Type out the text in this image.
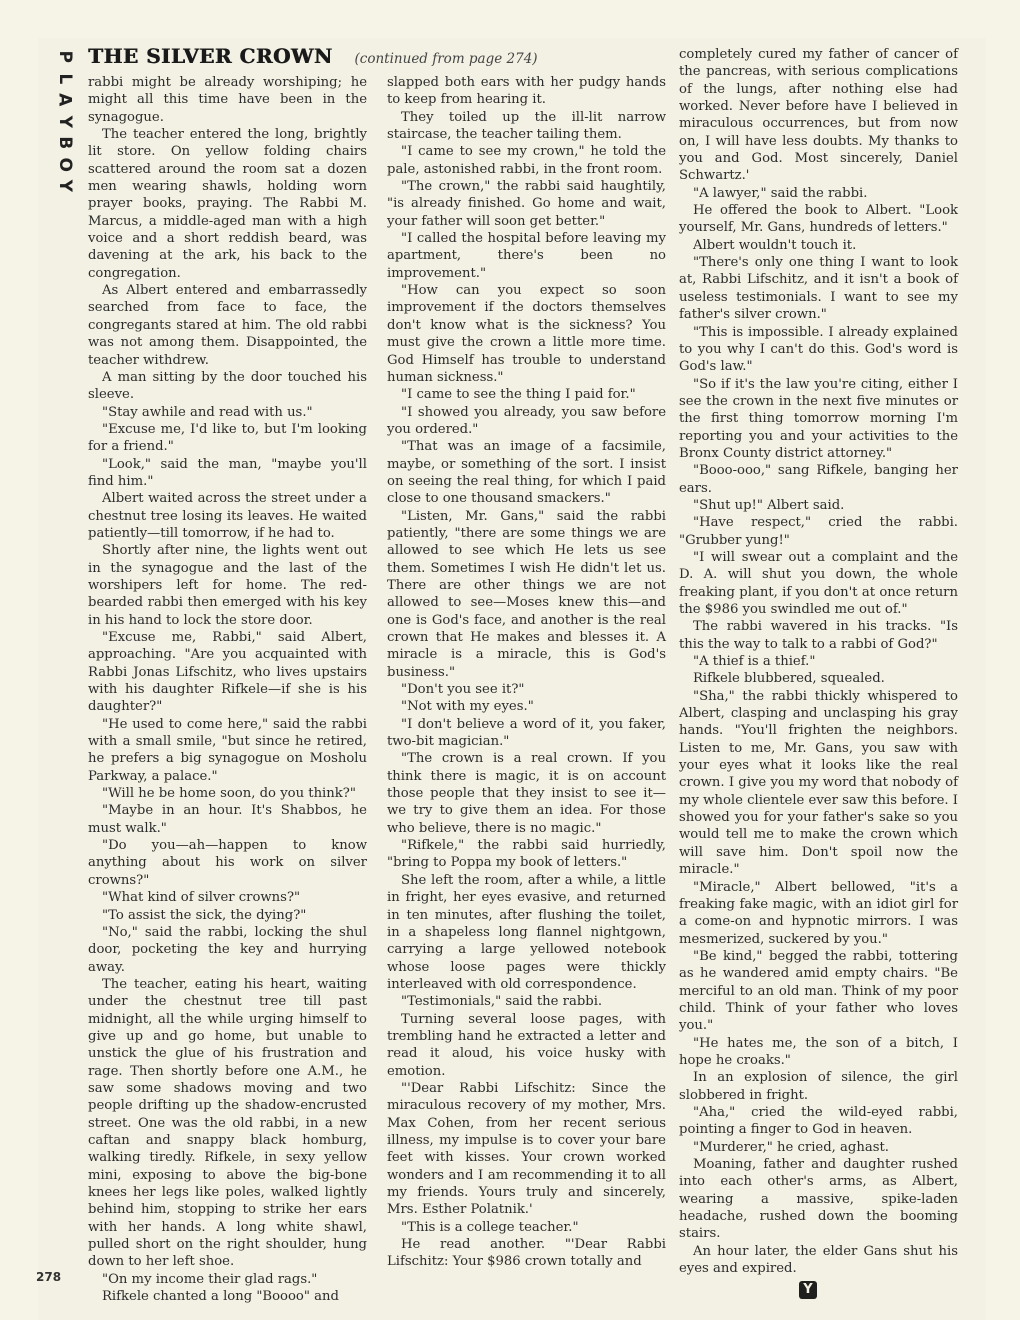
P
L
A
Y
B
O
Y
THE SILVER CROWN (continued from page 274)

rabbi might be already worshiping; he might all this time have been in the synagogue.

The teacher entered the long, brightly lit store. On yellow folding chairs scattered around the room sat a dozen men wearing shawls, holding worn prayer books, praying. The Rabbi M. Marcus, a middle-aged man with a high voice and a short reddish beard, was davening at the ark, his back to the congregation.

As Albert entered and embarrassedly searched from face to face, the congregants stared at him. The old rabbi was not among them. Disappointed, the teacher withdrew.

A man sitting by the door touched his sleeve.

"Stay awhile and read with us."

"Excuse me, I'd like to, but I'm looking for a friend."

"Look," said the man, "maybe you'll find him."

Albert waited across the street under a chestnut tree losing its leaves. He waited patiently—till tomorrow, if he had to.

Shortly after nine, the lights went out in the synagogue and the last of the worshipers left for home. The red-bearded rabbi then emerged with his key in his hand to lock the store door.

"Excuse me, Rabbi," said Albert, approaching. "Are you acquainted with Rabbi Jonas Lifschitz, who lives upstairs with his daughter Rifkele—if she is his daughter?"

"He used to come here," said the rabbi with a small smile, "but since he retired, he prefers a big synagogue on Mosholu Parkway, a palace."

"Will he be home soon, do you think?"

"Maybe in an hour. It's Shabbos, he must walk."

"Do you—ah—happen to know anything about his work on silver crowns?"

"What kind of silver crowns?"

"To assist the sick, the dying?"

"No," said the rabbi, locking the shul door, pocketing the key and hurrying away.

The teacher, eating his heart, waiting under the chestnut tree till past midnight, all the while urging himself to give up and go home, but unable to unstick the glue of his frustration and rage. Then shortly before one A.M., he saw some shadows moving and two people drifting up the shadow-encrusted street. One was the old rabbi, in a new caftan and snappy black homburg, walking tiredly. Rifkele, in sexy yellow mini, exposing to above the big-bone knees her legs like poles, walked lightly behind him, stopping to strike her ears with her hands. A long white shawl, pulled short on the right shoulder, hung down to her left shoe.

"On my income their glad rags."

Rifkele chanted a long "Boooo" and

slapped both ears with her pudgy hands to keep from hearing it.

They toiled up the ill-lit narrow staircase, the teacher tailing them.

"I came to see my crown," he told the pale, astonished rabbi, in the front room.

"The crown," the rabbi said haughtily, "is already finished. Go home and wait, your father will soon get better."

"I called the hospital before leaving my apartment, there's been no improvement."

"How can you expect so soon improvement if the doctors themselves don't know what is the sickness? You must give the crown a little more time. God Himself has trouble to understand human sickness."

"I came to see the thing I paid for."

"I showed you already, you saw before you ordered."

"That was an image of a facsimile, maybe, or something of the sort. I insist on seeing the real thing, for which I paid close to one thousand smackers."

"Listen, Mr. Gans," said the rabbi patiently, "there are some things we are allowed to see which He lets us see them. Sometimes I wish He didn't let us. There are other things we are not allowed to see—Moses knew this—and one is God's face, and another is the real crown that He makes and blesses it. A miracle is a miracle, this is God's business."

"Don't you see it?"

"Not with my eyes."

"I don't believe a word of it, you faker, two-bit magician."

"The crown is a real crown. If you think there is magic, it is on account those people that they insist to see it—we try to give them an idea. For those who believe, there is no magic."

"Rifkele," the rabbi said hurriedly, "bring to Poppa my book of letters."

She left the room, after a while, a little in fright, her eyes evasive, and returned in ten minutes, after flushing the toilet, in a shapeless long flannel nightgown, carrying a large yellowed notebook whose loose pages were thickly interleaved with old correspondence.

"Testimonials," said the rabbi.

Turning several loose pages, with trembling hand he extracted a letter and read it aloud, his voice husky with emotion.

"'Dear Rabbi Lifschitz: Since the miraculous recovery of my mother, Mrs. Max Cohen, from her recent serious illness, my impulse is to cover your bare feet with kisses. Your crown worked wonders and I am recommending it to all my friends. Yours truly and sincerely, Mrs. Esther Polatnik.'

"This is a college teacher."

He read another. "'Dear Rabbi Lifschitz: Your $986 crown totally and

completely cured my father of cancer of the pancreas, with serious complications of the lungs, after nothing else had worked. Never before have I believed in miraculous occurrences, but from now on, I will have less doubts. My thanks to you and God. Most sincerely, Daniel Schwartz.'

"A lawyer," said the rabbi.

He offered the book to Albert. "Look yourself, Mr. Gans, hundreds of letters."

Albert wouldn't touch it.

"There's only one thing I want to look at, Rabbi Lifschitz, and it isn't a book of useless testimonials. I want to see my father's silver crown."

"This is impossible. I already explained to you why I can't do this. God's word is God's law."

"So if it's the law you're citing, either I see the crown in the next five minutes or the first thing tomorrow morning I'm reporting you and your activities to the Bronx County district attorney."

"Booo-ooo," sang Rifkele, banging her ears.

"Shut up!" Albert said.

"Have respect," cried the rabbi. "Grubber yung!"

"I will swear out a complaint and the D. A. will shut you down, the whole freaking plant, if you don't at once return the $986 you swindled me out of."

The rabbi wavered in his tracks. "Is this the way to talk to a rabbi of God?"

"A thief is a thief."

Rifkele blubbered, squealed.

"Sha," the rabbi thickly whispered to Albert, clasping and unclasping his gray hands. "You'll frighten the neighbors. Listen to me, Mr. Gans, you saw with your eyes what it looks like the real crown. I give you my word that nobody of my whole clientele ever saw this before. I showed you for your father's sake so you would tell me to make the crown which will save him. Don't spoil now the miracle."

"Miracle," Albert bellowed, "it's a freaking fake magic, with an idiot girl for a come-on and hypnotic mirrors. I was mesmerized, suckered by you."

"Be kind," begged the rabbi, tottering as he wandered amid empty chairs. "Be merciful to an old man. Think of my poor child. Think of your father who loves you."

"He hates me, the son of a bitch, I hope he croaks."

In an explosion of silence, the girl slobbered in fright.

"Aha," cried the wild-eyed rabbi, pointing a finger to God in heaven.

"Murderer," he cried, aghast.

Moaning, father and daughter rushed into each other's arms, as Albert, wearing a massive, spike-laden headache, rushed down the booming stairs.

An hour later, the elder Gans shut his eyes and expired.

Y
278
